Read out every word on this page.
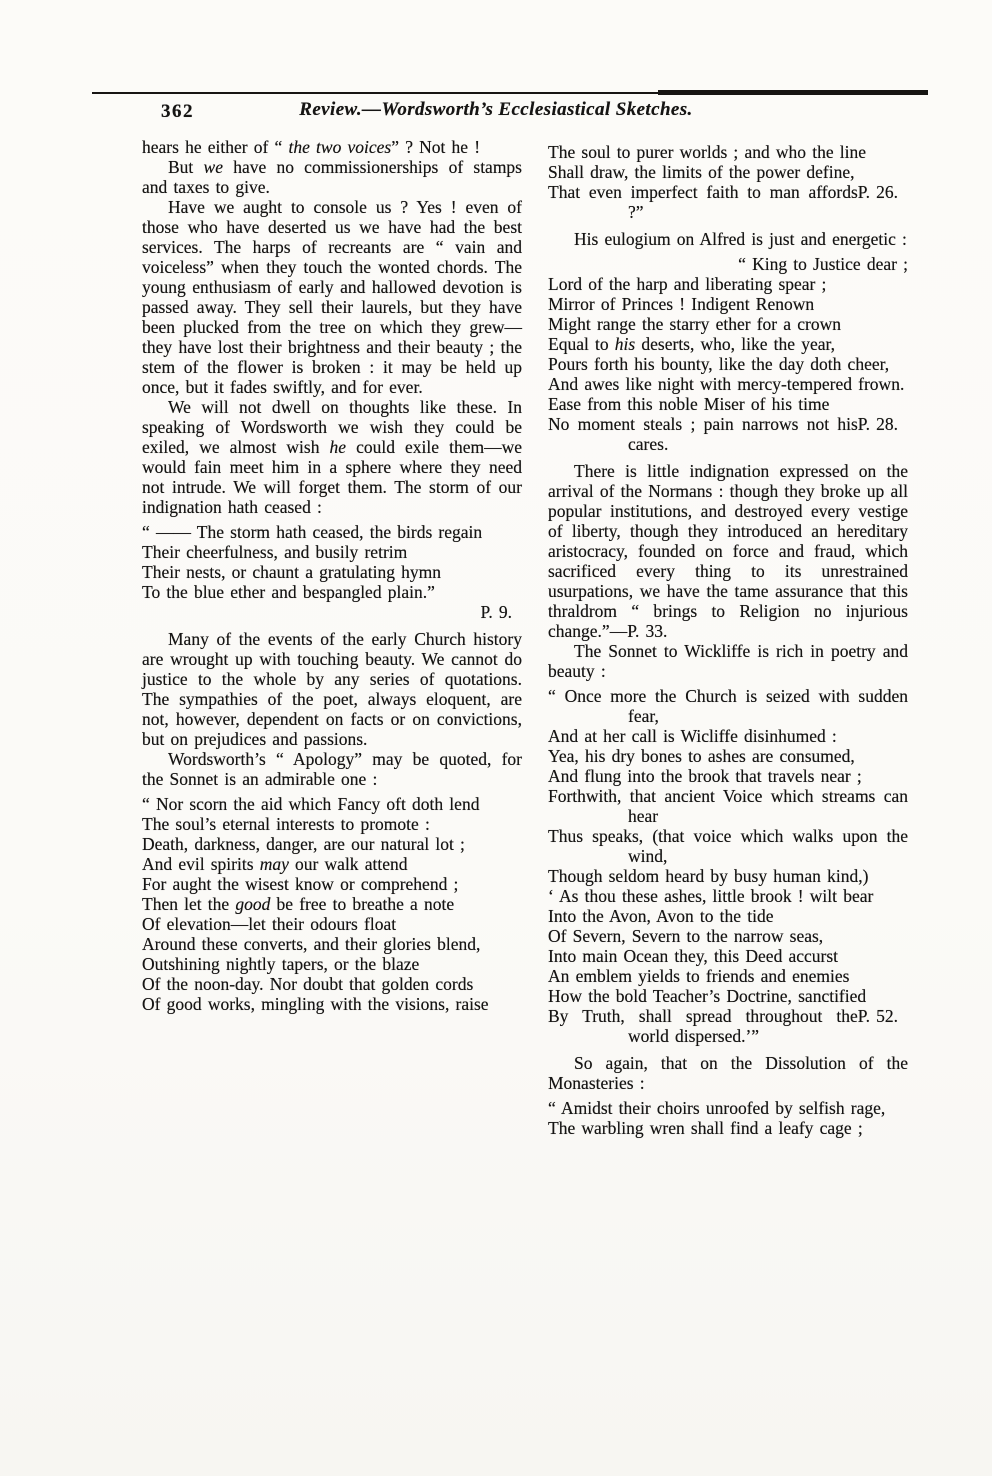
362	Review.—Wordsworth’s Ecclesiastical Sketches.

hears he either of “ the two voices” ? Not he !

But we have no commissionerships of stamps and taxes to give.

Have we aught to console us ? Yes ! even of those who have deserted us we have had the best services. The harps of recreants are “ vain and voiceless” when they touch the wonted chords. The young enthusiasm of early and hallowed devotion is passed away. They sell their laurels, but they have been plucked from the tree on which they grew—they have lost their brightness and their beauty ; the stem of the flower is broken : it may be held up once, but it fades swiftly, and for ever.

We will not dwell on thoughts like these. In speaking of Wordsworth we wish they could be exiled, we almost wish he could exile them—we would fain meet him in a sphere where they need not intrude. We will forget them. The storm of our indignation hath ceased :

“ —— The storm hath ceased, the birds regain
Their cheerfulness, and busily retrim
Their nests, or chaunt a gratulating hymn
To the blue ether and bespangled plain.”
P. 9.

Many of the events of the early Church history are wrought up with touching beauty. We cannot do justice to the whole by any series of quotations. The sympathies of the poet, always eloquent, are not, however, dependent on facts or on convictions, but on prejudices and passions.

Wordsworth’s “ Apology” may be quoted, for the Sonnet is an admirable one :

“ Nor scorn the aid which Fancy oft doth lend
The soul’s eternal interests to promote :
Death, darkness, danger, are our natural lot ;
And evil spirits may our walk attend
For aught the wisest know or comprehend ;
Then let the good be free to breathe a note
Of elevation—let their odours float
Around these converts, and their glories blend,
Outshining nightly tapers, or the blaze
Of the noon-day. Nor doubt that golden cords
Of good works, mingling with the visions, raise
The soul to purer worlds ; and who the line
Shall draw, the limits of the power define,
P. 26.
That even imperfect faith to man affords ?”

His eulogium on Alfred is just and energetic :

“ King to Justice dear ;
Lord of the harp and liberating spear ;
Mirror of Princes ! Indigent Renown
Might range the starry ether for a crown
Equal to his deserts, who, like the year,
Pours forth his bounty, like the day doth cheer,
And awes like night with mercy-tempered frown.
Ease from this noble Miser of his time
P. 28.
No moment steals ; pain narrows not his cares.

There is little indignation expressed on the arrival of the Normans : though they broke up all popular institutions, and destroyed every vestige of liberty, though they introduced an hereditary aristocracy, founded on force and fraud, which sacrificed every thing to its unrestrained usurpations, we have the tame assurance that this thraldrom “ brings to Religion no injurious change.”—P. 33.

The Sonnet to Wickliffe is rich in poetry and beauty :

“ Once more the Church is seized with sudden fear,
And at her call is Wicliffe disinhumed :
Yea, his dry bones to ashes are consumed,
And flung into the brook that travels near ;
Forthwith, that ancient Voice which streams can hear
Thus speaks, (that voice which walks upon the wind,
Though seldom heard by busy human kind,)
‘ As thou these ashes, little brook ! wilt bear
Into the Avon, Avon to the tide
Of Severn, Severn to the narrow seas,
Into main Ocean they, this Deed accurst
An emblem yields to friends and enemies
How the bold Teacher’s Doctrine, sanctified
P. 52.
By Truth, shall spread throughout the world dispersed.’”

So again, that on the Dissolution of the Monasteries :

“ Amidst their choirs unroofed by selfish rage,
The warbling wren shall find a leafy cage ;
